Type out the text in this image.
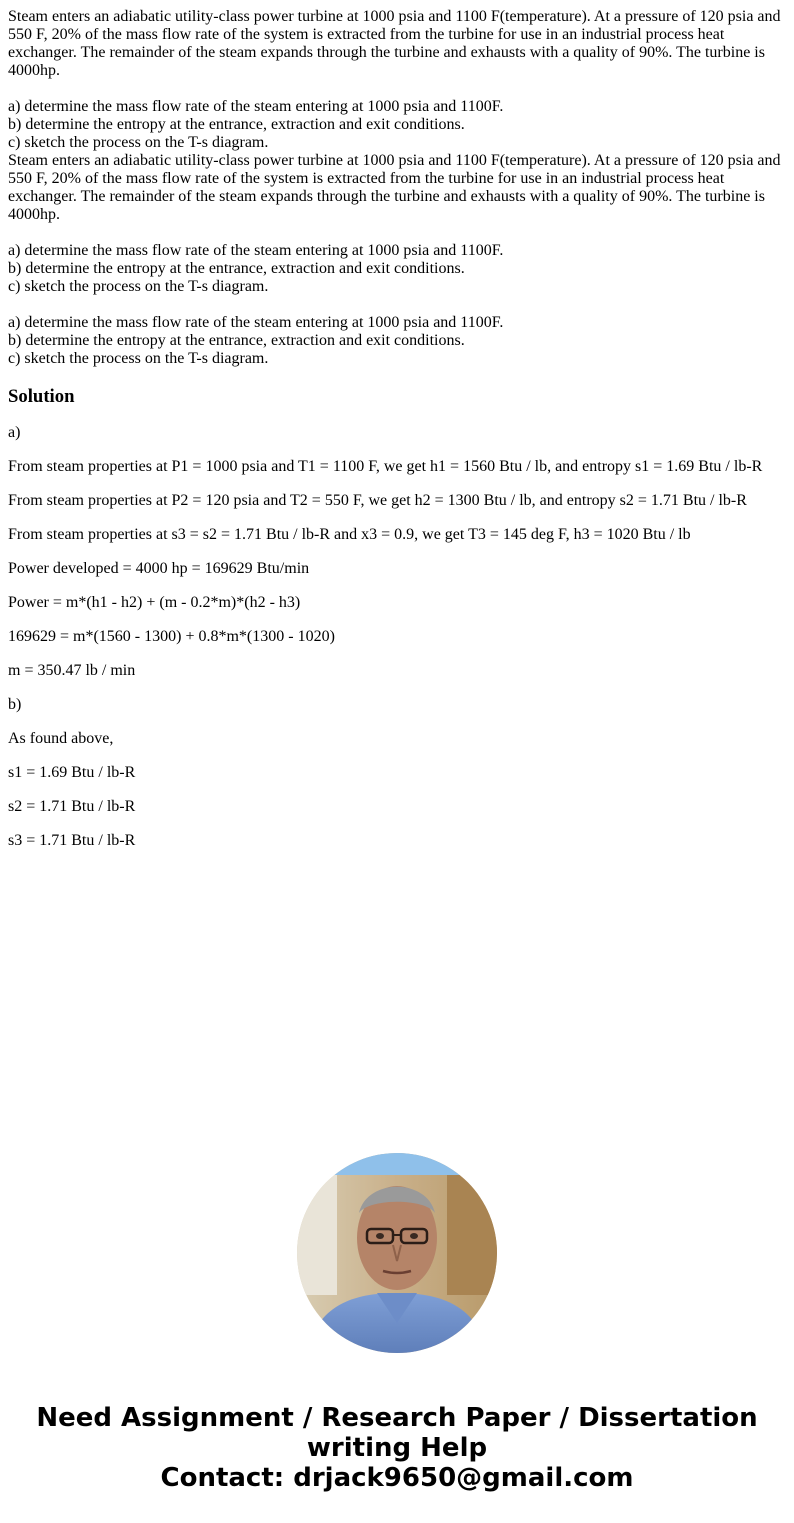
Steam enters an adiabatic utility-class power turbine at 1000 psia and 1100 F(temperature). At a pressure of 120 psia and 550 F, 20% of the mass flow rate of the system is extracted from the turbine for use in an industrial process heat exchanger. The remainder of the steam expands through the turbine and exhausts with a quality of 90%. The turbine is 4000hp.
a) determine the mass flow rate of the steam entering at 1000 psia and 1100F.
b) determine the entropy at the entrance, extraction and exit conditions.
c) sketch the process on the T-s diagram.
Steam enters an adiabatic utility-class power turbine at 1000 psia and 1100 F(temperature). At a pressure of 120 psia and 550 F, 20% of the mass flow rate of the system is extracted from the turbine for use in an industrial process heat exchanger. The remainder of the steam expands through the turbine and exhausts with a quality of 90%. The turbine is 4000hp.
a) determine the mass flow rate of the steam entering at 1000 psia and 1100F.
b) determine the entropy at the entrance, extraction and exit conditions.
c) sketch the process on the T-s diagram.
a) determine the mass flow rate of the steam entering at 1000 psia and 1100F.
b) determine the entropy at the entrance, extraction and exit conditions.
c) sketch the process on the T-s diagram.
Solution

a)

From steam properties at P1 = 1000 psia and T1 = 1100 F, we get h1 = 1560 Btu / lb, and entropy s1 = 1.69 Btu / lb-R

From steam properties at P2 = 120 psia and T2 = 550 F, we get h2 = 1300 Btu / lb, and entropy s2 = 1.71 Btu / lb-R

From steam properties at s3 = s2 = 1.71 Btu / lb-R and x3 = 0.9, we get T3 = 145 deg F, h3 = 1020 Btu / lb

Power developed = 4000 hp = 169629 Btu/min

Power = m*(h1 - h2) + (m - 0.2*m)*(h2 - h3)

169629 = m*(1560 - 1300) + 0.8*m*(1300 - 1020)

m = 350.47 lb / min

b)

As found above,

s1 = 1.69 Btu / lb-R

s2 = 1.71 Btu / lb-R

s3 = 1.71 Btu / lb-R

Need Assignment / Research Paper / Dissertation
writing Help
Contact: drjack9650@gmail.com
